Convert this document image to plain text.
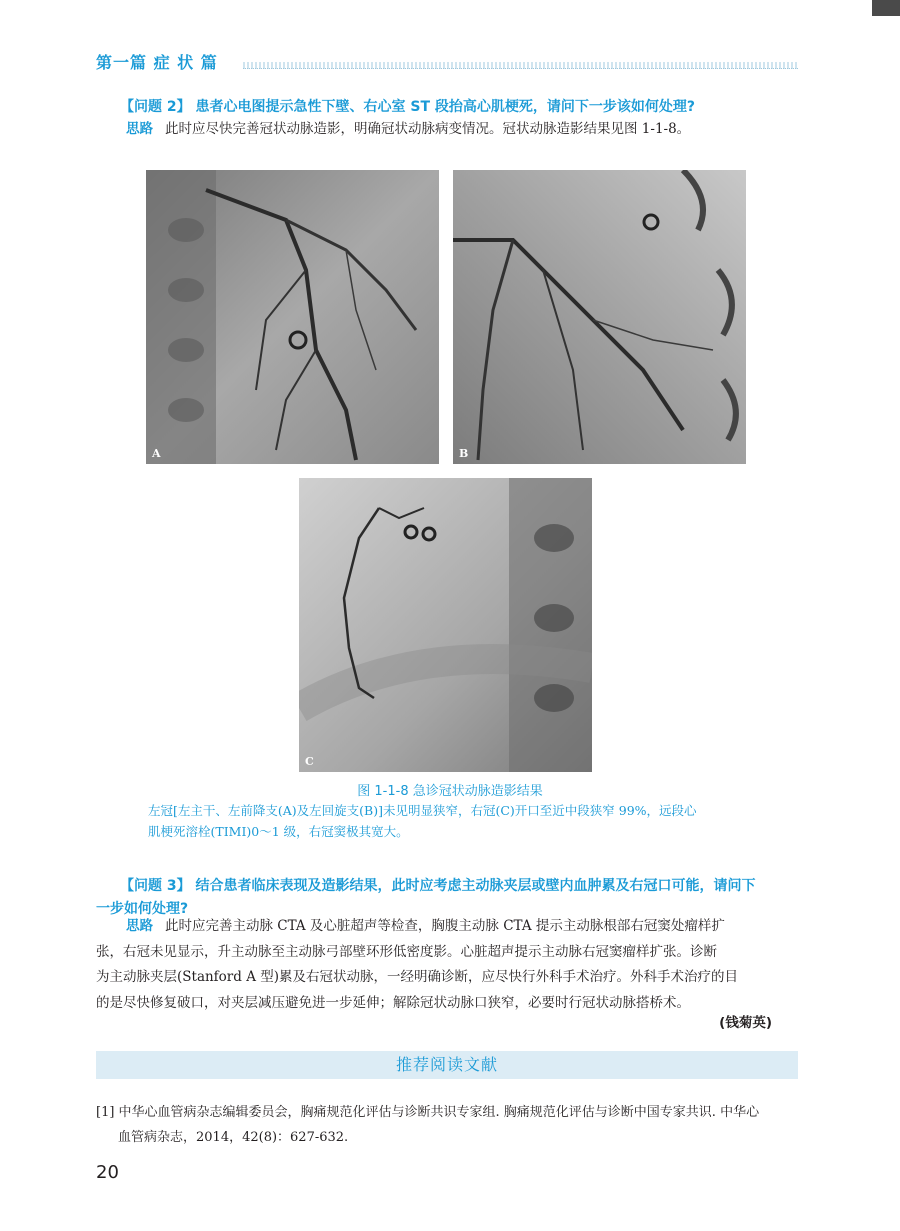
第一篇 症 状 篇
【问题 2】 患者心电图提示急性下壁、右心室 ST 段抬高心肌梗死，请问下一步该如何处理?
思路 此时应尽快完善冠状动脉造影，明确冠状动脉病变情况。冠状动脉造影结果见图 1-1-8。
A	B
C
图 1-1-8 急诊冠状动脉造影结果
左冠[左主干、左前降支(A)及左回旋支(B)]未见明显狭窄，右冠(C)开口至近中段狭窄 99%，远段心
肌梗死溶栓(TIMI)0～1 级，右冠窦极其宽大。
【问题 3】 结合患者临床表现及造影结果，此时应考虑主动脉夹层或壁内血肿累及右冠口可能，请问下
一步如何处理?
思路 此时应完善主动脉 CTA 及心脏超声等检查，胸腹主动脉 CTA 提示主动脉根部右冠窦处瘤样扩
张，右冠未见显示，升主动脉至主动脉弓部壁环形低密度影。心脏超声提示主动脉右冠窦瘤样扩张。诊断
为主动脉夹层(Stanford A 型)累及右冠状动脉，一经明确诊断，应尽快行外科手术治疗。外科手术治疗的目
的是尽快修复破口，对夹层减压避免进一步延伸；解除冠状动脉口狭窄，必要时行冠状动脉搭桥术。
(钱菊英)
推荐阅读文献
[1] 中华心血管病杂志编辑委员会，胸痛规范化评估与诊断共识专家组. 胸痛规范化评估与诊断中国专家共识. 中华心
血管病杂志，2014，42(8)：627-632.
20
